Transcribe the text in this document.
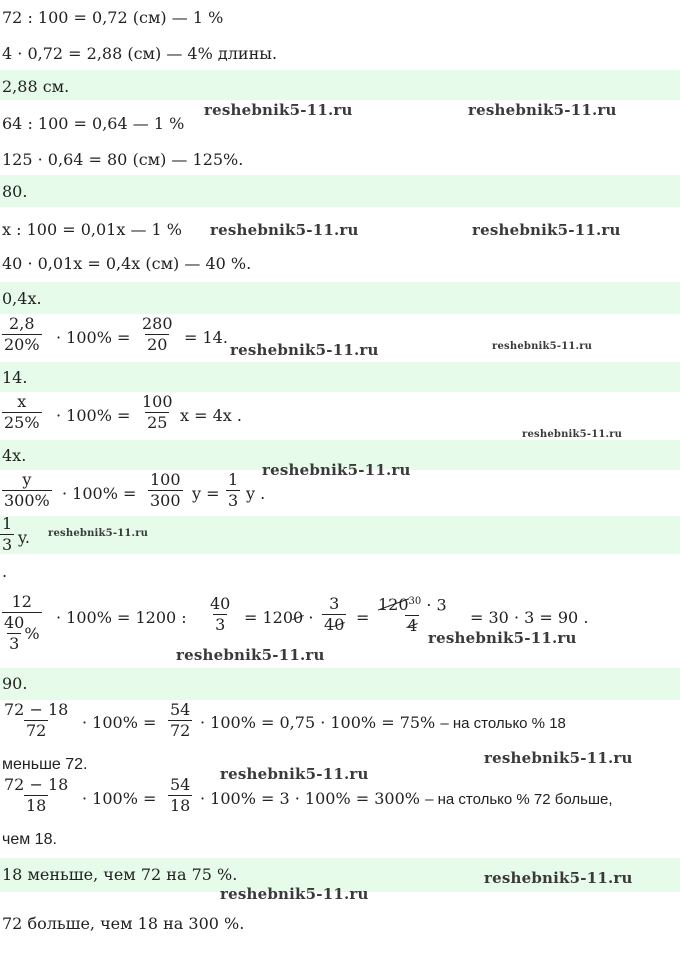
72 : 100 = 0,72 (см) — 1 %
4 · 0,72 = 2,88 (см) — 4% длины.
2,88 см.
64 : 100 = 0,64 — 1 %
125 · 0,64 = 80 (см) — 125%.
80.
x : 100 = 0,01x — 1 %
40 · 0,01x = 0,4x (см) — 40 %.
0,4x.
$\frac{2,8}{20\%} \cdot 100\% = \frac{280}{20} = 14$.
14.
$\frac{x}{25\%} \cdot 100\% = \frac{100}{25}$ x = 4x .
4x.
$\frac{y}{300\%} \cdot 100\% = \frac{100}{300}$ $y = \frac{1}{3}$ y .
$\frac{1}{3} y$.
.
$\frac{12}{\frac{40}{3} \%} \cdot 100\% = 1200$ : $\frac{40}{3} = 1200 \cdot \frac{3}{40} = 120$
$^{30}$ · 3
4 = 30 · 3 = 90 .
90.
$\frac{72 - 18}{72} \cdot 100\% = \frac{54}{72} \cdot 100\% = 0,75 \cdot 100\% = 75\%$ – на столько % 18
меньше 72.
$\frac{72 - 18}{18} \cdot 100\% = \frac{54}{18} \cdot 100\% = 3 \cdot 100\% = 300\%$ – на столько % 72 больше,
чем 18.
18 меньше, чем 72 на 75 %.
72 больше, чем 18 на 300 %.
reshebnik5-11.ru	reshebnik5-11.ru
reshebnik5-11.ru	reshebnik5-11.ru
reshebnik5-11.ru	reshebnik5-11.ru
reshebnik5-11.ru
reshebnik5-11.ru
reshebnik5-11.ru
reshebnik5-11.ru
reshebnik5-11.ru
reshebnik5-11.ru
reshebnik5-11.ru
reshebnik5-11.ru
reshebnik5-11.ru
